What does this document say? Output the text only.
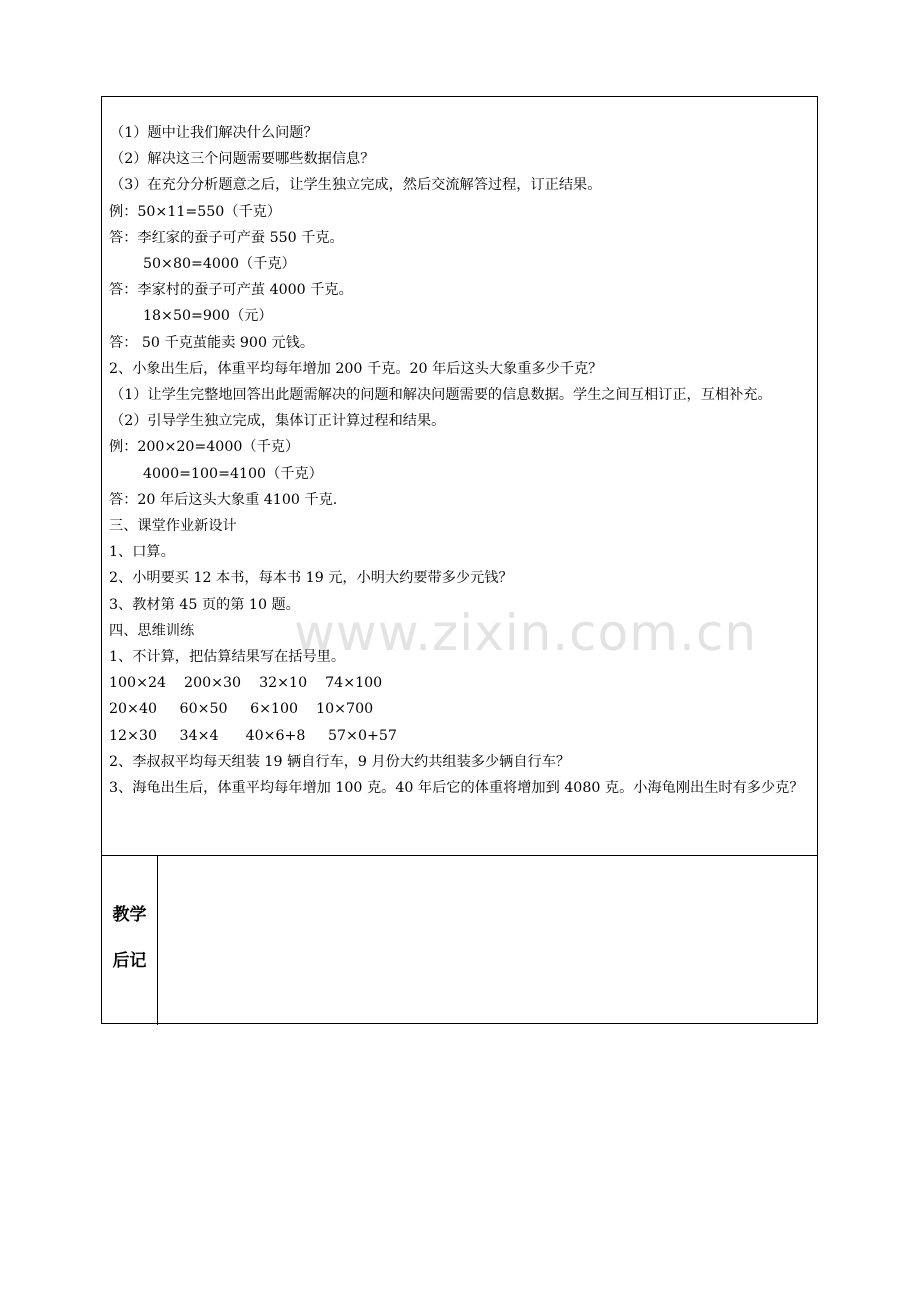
www.zixin.com.cn
（1）题中让我们解决什么问题？
（2）解决这三个问题需要哪些数据信息？
（3）在充分分析题意之后，让学生独立完成，然后交流解答过程，订正结果。
例：50×11=550（千克）
答：李红家的蚕子可产蚕 550 千克。
50×80=4000（千克）
答：李家村的蚕子可产茧 4000 千克。
18×50=900（元）
答： 50 千克茧能卖 900 元钱。
2、小象出生后，体重平均每年增加 200 千克。20 年后这头大象重多少千克？
（1）让学生完整地回答出此题需解决的问题和解决问题需要的信息数据。学生之间互相订正，互相补充。
（2）引导学生独立完成，集体订正计算过程和结果。
例：200×20=4000（千克）
4000=100=4100（千克）
答：20 年后这头大象重 4100 千克.
三、课堂作业新设计
1、口算。
2、小明要买 12 本书，每本书 19 元，小明大约要带多少元钱？
3、教材第 45 页的第 10 题。
四、思维训练
1、不计算，把估算结果写在括号里。
100×24    200×30    32×10    74×100
20×40     60×50     6×100    10×700
12×30     34×4      40×6+8     57×0+57
2、李叔叔平均每天组装 19 辆自行车，9 月份大约共组装多少辆自行车？
3、海龟出生后，体重平均每年增加 100 克。40 年后它的体重将增加到 4080 克。小海龟刚出生时有多少克？
教学
后记
